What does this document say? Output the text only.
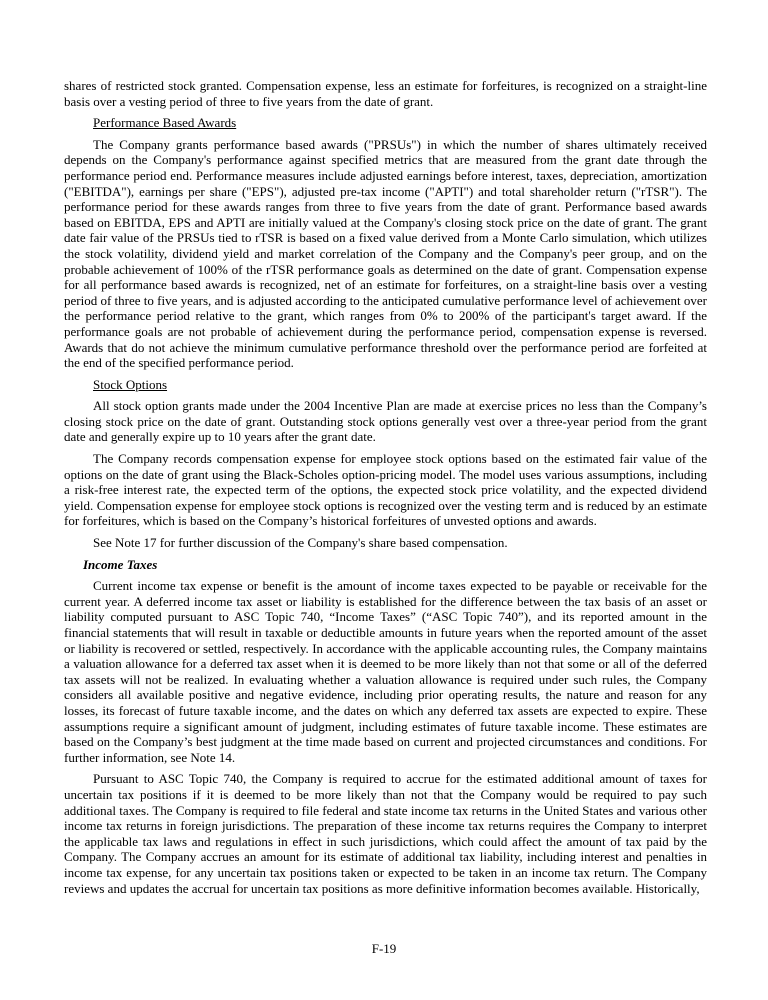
shares of restricted stock granted. Compensation expense, less an estimate for forfeitures, is recognized on a straight-line basis over a vesting period of three to five years from the date of grant.

Performance Based Awards

The Company grants performance based awards ("PRSUs") in which the number of shares ultimately received depends on the Company's performance against specified metrics that are measured from the grant date through the performance period end. Performance measures include adjusted earnings before interest, taxes, depreciation, amortization ("EBITDA"), earnings per share ("EPS"), adjusted pre-tax income ("APTI") and total shareholder return ("rTSR"). The performance period for these awards ranges from three to five years from the date of grant. Performance based awards based on EBITDA, EPS and APTI are initially valued at the Company's closing stock price on the date of grant. The grant date fair value of the PRSUs tied to rTSR is based on a fixed value derived from a Monte Carlo simulation, which utilizes the stock volatility, dividend yield and market correlation of the Company and the Company's peer group, and on the probable achievement of 100% of the rTSR performance goals as determined on the date of grant. Compensation expense for all performance based awards is recognized, net of an estimate for forfeitures, on a straight-line basis over a vesting period of three to five years, and is adjusted according to the anticipated cumulative performance level of achievement over the performance period relative to the grant, which ranges from 0% to 200% of the participant's target award. If the performance goals are not probable of achievement during the performance period, compensation expense is reversed. Awards that do not achieve the minimum cumulative performance threshold over the performance period are forfeited at the end of the specified performance period.

Stock Options

All stock option grants made under the 2004 Incentive Plan are made at exercise prices no less than the Company’s closing stock price on the date of grant. Outstanding stock options generally vest over a three-year period from the grant date and generally expire up to 10 years after the grant date.

The Company records compensation expense for employee stock options based on the estimated fair value of the options on the date of grant using the Black-Scholes option-pricing model. The model uses various assumptions, including a risk-free interest rate, the expected term of the options, the expected stock price volatility, and the expected dividend yield. Compensation expense for employee stock options is recognized over the vesting term and is reduced by an estimate for forfeitures, which is based on the Company’s historical forfeitures of unvested options and awards.

See Note 17 for further discussion of the Company's share based compensation.

Income Taxes

Current income tax expense or benefit is the amount of income taxes expected to be payable or receivable for the current year. A deferred income tax asset or liability is established for the difference between the tax basis of an asset or liability computed pursuant to ASC Topic 740, “Income Taxes” (“ASC Topic 740”), and its reported amount in the financial statements that will result in taxable or deductible amounts in future years when the reported amount of the asset or liability is recovered or settled, respectively. In accordance with the applicable accounting rules, the Company maintains a valuation allowance for a deferred tax asset when it is deemed to be more likely than not that some or all of the deferred tax assets will not be realized. In evaluating whether a valuation allowance is required under such rules, the Company considers all available positive and negative evidence, including prior operating results, the nature and reason for any losses, its forecast of future taxable income, and the dates on which any deferred tax assets are expected to expire. These assumptions require a significant amount of judgment, including estimates of future taxable income. These estimates are based on the Company’s best judgment at the time made based on current and projected circumstances and conditions. For further information, see Note 14.

Pursuant to ASC Topic 740, the Company is required to accrue for the estimated additional amount of taxes for uncertain tax positions if it is deemed to be more likely than not that the Company would be required to pay such additional taxes. The Company is required to file federal and state income tax returns in the United States and various other income tax returns in foreign jurisdictions. The preparation of these income tax returns requires the Company to interpret the applicable tax laws and regulations in effect in such jurisdictions, which could affect the amount of tax paid by the Company. The Company accrues an amount for its estimate of additional tax liability, including interest and penalties in income tax expense, for any uncertain tax positions taken or expected to be taken in an income tax return. The Company reviews and updates the accrual for uncertain tax positions as more definitive information becomes available. Historically,

F-19
